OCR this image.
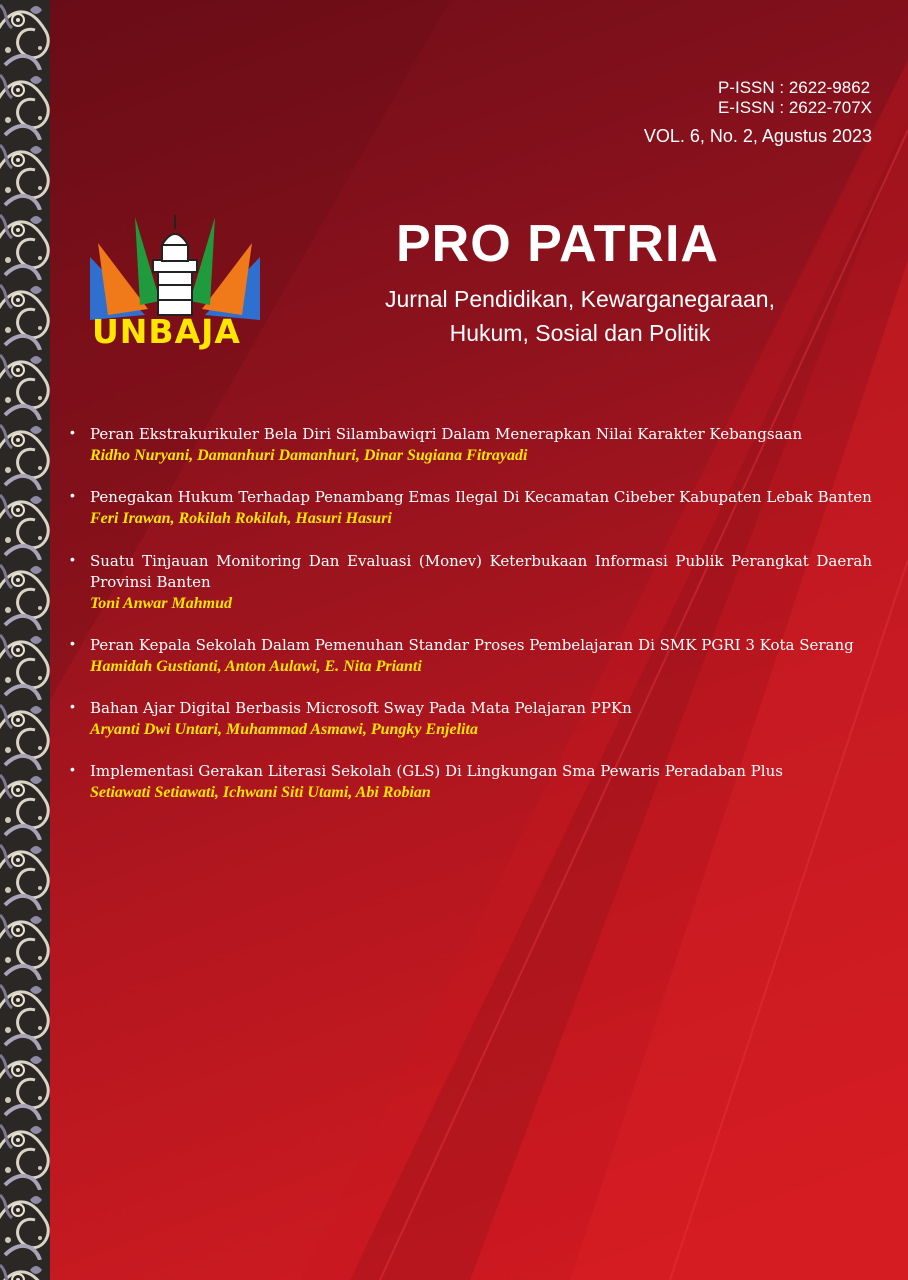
P-ISSN : 2622-9862
E-ISSN : 2622-707X
VOL. 6, No. 2, Agustus 2023
UNBAJA
PRO PATRIA
Jurnal Pendidikan, Kewarganegaraan,
Hukum, Sosial dan Politik
• Peran Ekstrakurikuler Bela Diri Silambawiqri Dalam Menerapkan Nilai Karakter Kebangsaan
Ridho Nuryani, Damanhuri Damanhuri, Dinar Sugiana Fitrayadi
• Penegakan Hukum Terhadap Penambang Emas Ilegal Di Kecamatan Cibeber Kabupaten Lebak Banten
Feri Irawan, Rokilah Rokilah, Hasuri Hasuri
• Suatu Tinjauan Monitoring Dan Evaluasi (Monev) Keterbukaan Informasi Publik Perangkat Daerah Provinsi Banten
Toni Anwar Mahmud
• Peran Kepala Sekolah Dalam Pemenuhan Standar Proses Pembelajaran Di SMK PGRI 3 Kota Serang
Hamidah Gustianti, Anton Aulawi, E. Nita Prianti
• Bahan Ajar Digital Berbasis Microsoft Sway Pada Mata Pelajaran PPKn
Aryanti Dwi Untari, Muhammad Asmawi, Pungky Enjelita
• Implementasi Gerakan Literasi Sekolah (GLS) Di Lingkungan Sma Pewaris Peradaban Plus
Setiawati Setiawati, Ichwani Siti Utami, Abi Robian
